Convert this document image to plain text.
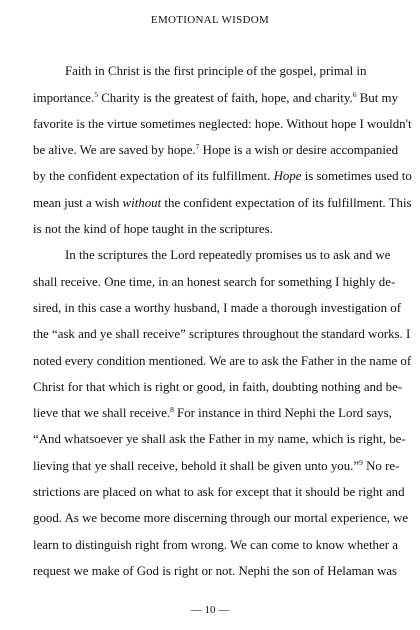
EMOTIONAL WISDOM
Faith in Christ is the first principle of the gospel, primal in
importance.$^5$ Charity is the greatest of faith, hope, and charity.$^6$ But my
favorite is the virtue sometimes neglected: hope. Without hope I wouldn't
be alive. We are saved by hope.$^7$ Hope is a wish or desire accompanied
by the confident expectation of its fulfillment. Hope is sometimes used to
mean just a wish without the confident expectation of its fulfillment. This
is not the kind of hope taught in the scriptures.
In the scriptures the Lord repeatedly promises us to ask and we
shall receive. One time, in an honest search for something I highly de-
sired, in this case a worthy husband, I made a thorough investigation of
the “ask and ye shall receive” scriptures throughout the standard works. I
noted every condition mentioned. We are to ask the Father in the name of
Christ for that which is right or good, in faith, doubting nothing and be-
lieve that we shall receive.$^8$ For instance in third Nephi the Lord says,
“And whatsoever ye shall ask the Father in my name, which is right, be-
lieving that ye shall receive, behold it shall be given unto you.”$^9$ No re-
strictions are placed on what to ask for except that it should be right and
good. As we become more discerning through our mortal experience, we
learn to distinguish right from wrong. We can come to know whether a
request we make of God is right or not. Nephi the son of Helaman was
— 10 —
